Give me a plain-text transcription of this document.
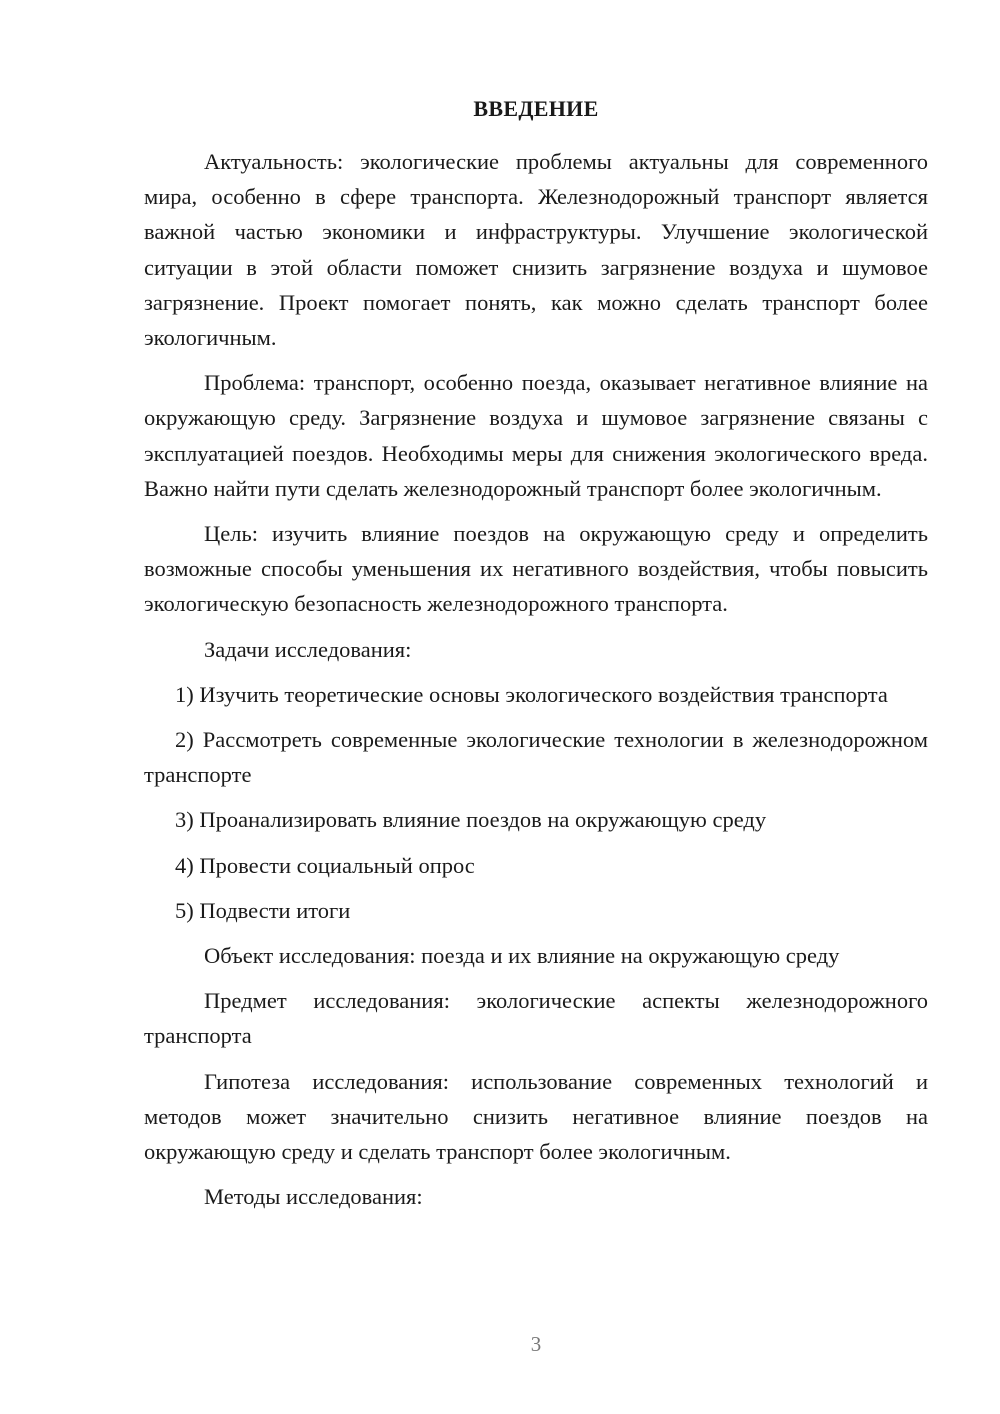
ВВЕДЕНИЕ

Актуальность: экологические проблемы актуальны для современного мира, особенно в сфере транспорта. Железнодорожный транспорт является важной частью экономики и инфраструктуры. Улучшение экологической ситуации в этой области поможет снизить загрязнение воздуха и шумовое загрязнение. Проект помогает понять, как можно сделать транспорт более экологичным.

Проблема: транспорт, особенно поезда, оказывает негативное влияние на окружающую среду. Загрязнение воздуха и шумовое загрязнение связаны с эксплуатацией поездов. Необходимы меры для снижения экологического вреда. Важно найти пути сделать железнодорожный транспорт более экологичным.

Цель: изучить влияние поездов на окружающую среду и определить возможные способы уменьшения их негативного воздействия, чтобы повысить экологическую безопасность железнодорожного транспорта.

Задачи исследования:

1) Изучить теоретические основы экологического воздействия транспорта

2) Рассмотреть современные экологические технологии в железнодорожном транспорте

3) Проанализировать влияние поездов на окружающую среду

4) Провести социальный опрос

5) Подвести итоги

Объект исследования: поезда и их влияние на окружающую среду

Предмет исследования: экологические аспекты железнодорожного транспорта

Гипотеза исследования: использование современных технологий и методов может значительно снизить негативное влияние поездов на окружающую среду и сделать транспорт более экологичным.

Методы исследования:

3
